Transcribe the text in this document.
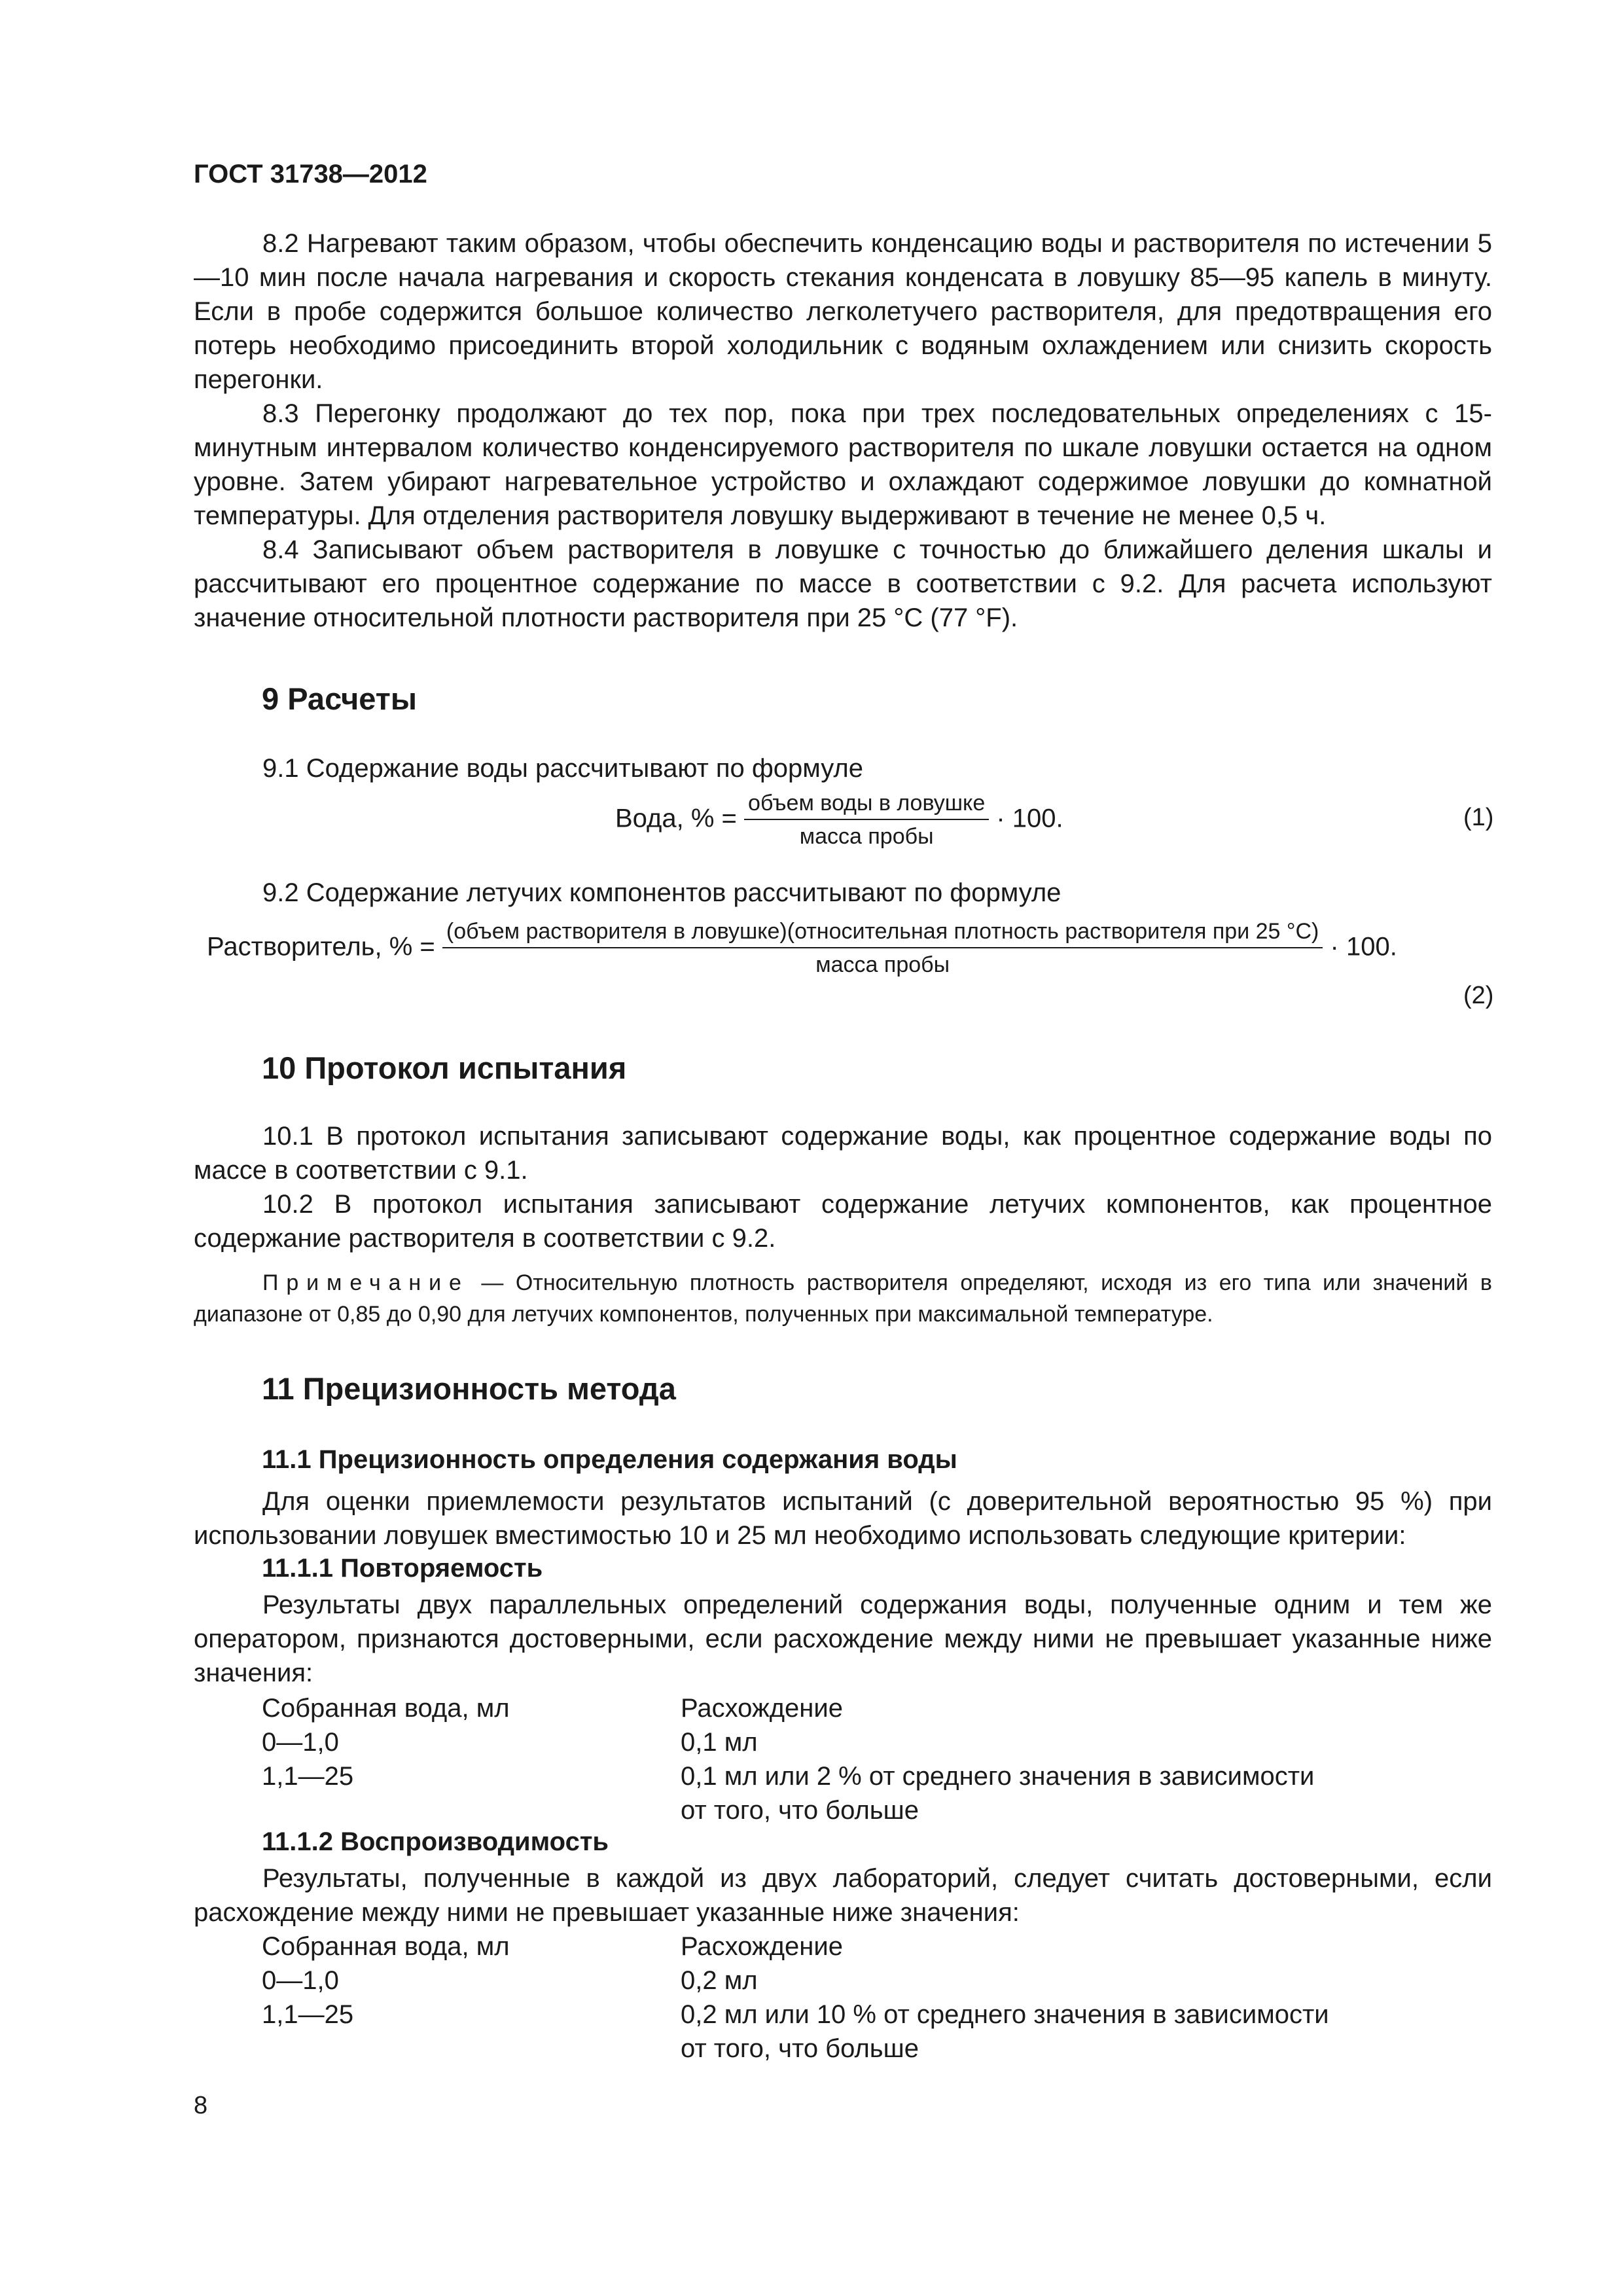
ГОСТ 31738—2012

8.2 Нагревают таким образом, чтобы обеспечить конденсацию воды и растворителя по истечении 5—10 мин после начала нагревания и скорость стекания конденсата в ловушку 85—95 капель в минуту. Если в пробе содержится большое количество легколетучего растворителя, для предотвращения его потерь необходимо присоединить второй холодильник с водяным охлаждением или снизить скорость перегонки.

8.3 Перегонку продолжают до тех пор, пока при трех последовательных определениях с 15-минутным интервалом количество конденсируемого растворителя по шкале ловушки остается на одном уровне. Затем убирают нагревательное устройство и охлаждают содержимое ловушки до комнатной температуры. Для отделения растворителя ловушку выдерживают в течение не менее 0,5 ч.

8.4 Записывают объем растворителя в ловушке с точностью до ближайшего деления шкалы и рассчитывают его процентное содержание по массе в соответствии с 9.2. Для расчета используют значение относительной плотности растворителя при 25 °С (77 °F).

9 Расчеты

9.1 Содержание воды рассчитывают по формуле

Вода, % = $\frac{\text{объем воды в ловушке}}{\text{масса пробы}} \cdot 100$.	(1)

9.2 Содержание летучих компонентов рассчитывают по формуле

Растворитель, % =
(объем растворителя в ловушке)(относительная плотность растворителя при 25 °С)
масса пробы
· 100.
(2)
10 Протокол испытания

10.1 В протокол испытания записывают содержание воды, как процентное содержание воды по массе в соответствии с 9.1.

10.2 В протокол испытания записывают содержание летучих компонентов, как процентное содержание растворителя в соответствии с 9.2.

Примечание — Относительную плотность растворителя определяют, исходя из его типа или значений в диапазоне от 0,85 до 0,90 для летучих компонентов, полученных при максимальной температуре.
11 Прецизионность метода
11.1 Прецизионность определения содержания воды

Для оценки приемлемости результатов испытаний (с доверительной вероятностью 95 %) при использовании ловушек вместимостью 10 и 25 мл необходимо использовать следующие критерии:

11.1.1 Повторяемость

Результаты двух параллельных определений содержания воды, полученные одним и тем же оператором, признаются достоверными, если расхождение между ними не превышает указанные ниже значения:

Собранная вода, мл	Расхождение
0—1,0	0,1 мл
1,1—25	0,1 мл или 2 % от среднего значения в зависимости
от того, что больше
11.1.2 Воспроизводимость

Результаты, полученные в каждой из двух лабораторий, следует считать достоверными, если расхождение между ними не превышает указанные ниже значения:

Собранная вода, мл	Расхождение
0—1,0	0,2 мл
1,1—25	0,2 мл или 10 % от среднего значения в зависимости
от того, что больше
8
